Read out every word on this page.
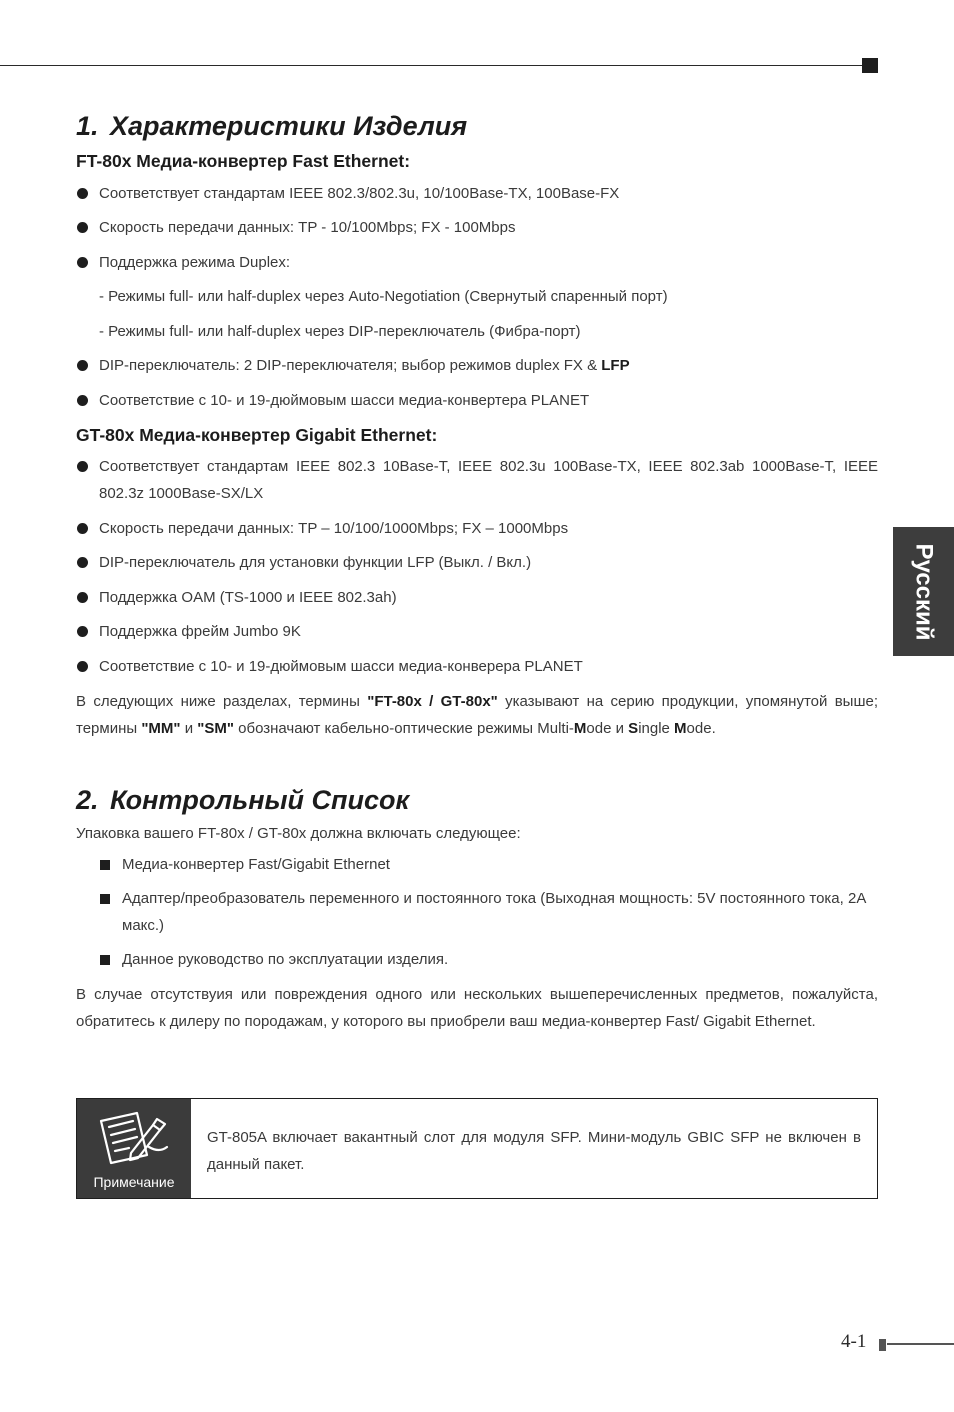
1. Характеристики Изделия
FT-80x Медиа-конвертер Fast Ethernet:
Соответствует стандартам IEEE 802.3/802.3u, 10/100Base-TX, 100Base-FX
Скорость передачи данных: TP - 10/100Mbps; FX - 100Mbps
Поддержка режима Duplex:
- Режимы full- или half-duplex через Auto-Negotiation (Свернутый спаренный порт)
- Режимы full- или half-duplex через DIP-переключатель (Фибра-порт)
DIP-переключатель: 2 DIP-переключателя; выбор режимов duplex FX & LFP
Соответствие с 10- и 19-дюймовым шасси медиа-конвертера PLANET
GT-80x Медиа-конвертер Gigabit Ethernet:
Соответствует стандартам IEEE 802.3 10Base-T, IEEE 802.3u 100Base-TX, IEEE 802.3ab 1000Base-T, IEEE 802.3z 1000Base-SX/LX
Скорость передачи данных: TP – 10/100/1000Mbps; FX – 1000Mbps
DIP-переключатель для установки функции LFP (Выкл. / Вкл.)
Поддержка OAM (TS-1000 и IEEE 802.3ah)
Поддержка фрейм Jumbo 9K
Соответствие с 10- и 19-дюймовым шасси медиа-конверера PLANET

В следующих ниже разделах, термины "FT-80x / GT-80x" указывают на серию продукции, упомянутой выше; термины "MM" и "SM" обозначают кабельно-оптические режимы Multi-Mode и Single Mode.

2. Контрольный Список

Упаковка вашего FT-80x / GT-80x должна включать следующее:

Медиа-конвертер Fast/Gigabit Ethernet
Адаптер/преобразователь переменного и постоянного тока (Выходная мощность: 5V постоянного тока, 2A макс.)
Данное руководство по эксплуатации изделия.

В случае отсутствуия или повреждения одного или нескольких вышеперечисленных предметов, пожалуйста, обратитесь к дилеру по породажам, у которого вы приобрели ваш медиа-конвертер Fast/ Gigabit Ethernet.

Примечание
GT-805A включает вакантный слот для модуля SFP. Мини-модуль GBIC SFP не включен в данный пакет.
Русский
4-1
